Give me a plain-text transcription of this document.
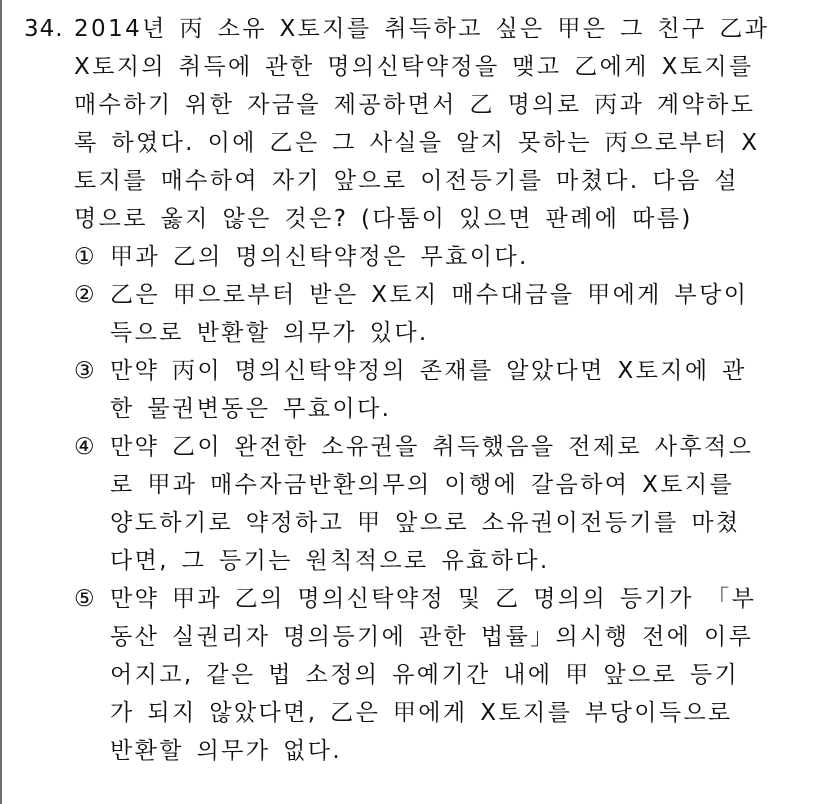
34. 2014년 丙 소유 X토지를 취득하고 싶은 甲은 그 친구 乙과
X토지의 취득에 관한 명의신탁약정을 맺고 乙에게 X토지를
매수하기 위한 자금을 제공하면서 乙 명의로 丙과 계약하도
록 하였다. 이에 乙은 그 사실을 알지 못하는 丙으로부터 X
토지를 매수하여 자기 앞으로 이전등기를 마쳤다. 다음 설
명으로 옳지 않은 것은? (다툼이 있으면 판례에 따름)
① 甲과 乙의 명의신탁약정은 무효이다.
② 乙은 甲으로부터 받은 X토지 매수대금을 甲에게 부당이
득으로 반환할 의무가 있다.
③ 만약 丙이 명의신탁약정의 존재를 알았다면 X토지에 관
한 물권변동은 무효이다.
④ 만약 乙이 완전한 소유권을 취득했음을 전제로 사후적으
로 甲과 매수자금반환의무의 이행에 갈음하여 X토지를
양도하기로 약정하고 甲 앞으로 소유권이전등기를 마쳤
다면, 그 등기는 원칙적으로 유효하다.
⑤ 만약 甲과 乙의 명의신탁약정 및 乙 명의의 등기가 「부
동산 실권리자 명의등기에 관한 법률」의시행 전에 이루
어지고, 같은 법 소정의 유예기간 내에 甲 앞으로 등기
가 되지 않았다면, 乙은 甲에게 X토지를 부당이득으로
반환할 의무가 없다.
